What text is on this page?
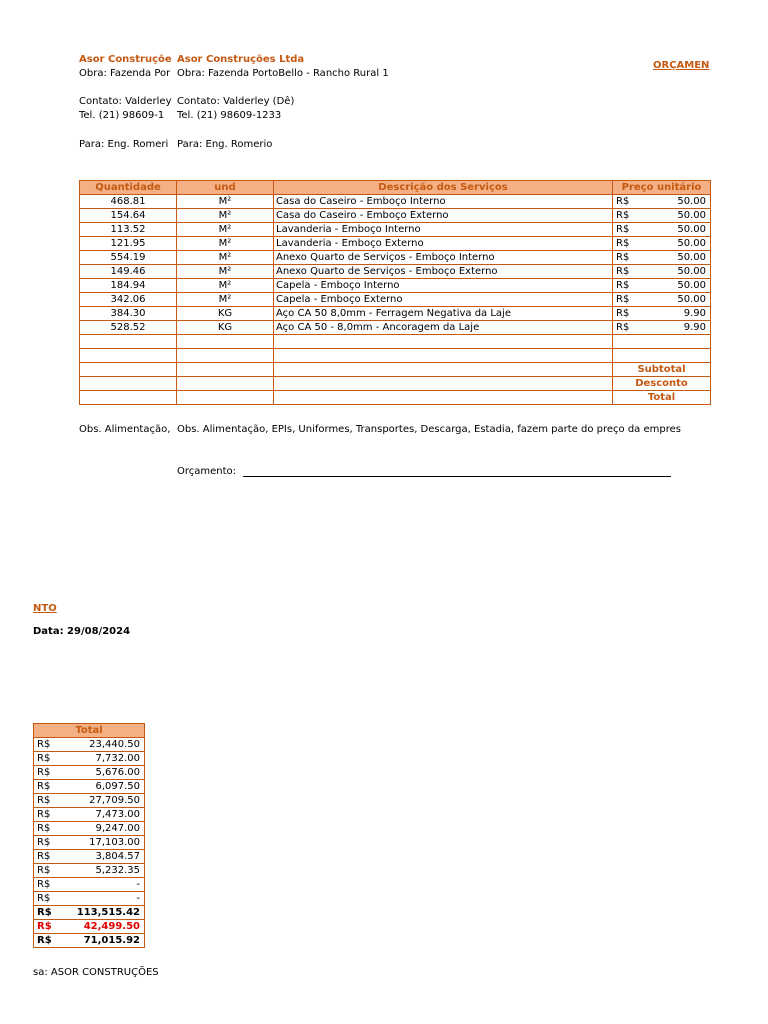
Asor Construçõe Asor Construções Ltda
Obra: Fazenda Por Obra: Fazenda PortoBello - Rancho Rural 1
ORÇAMEN
Contato: Valderley Contato: Valderley (Dê)
Tel. (21) 98609-1	Tel. (21) 98609-1233
Para: Eng. Romeri Para: Eng. Romerio
Quantidade	und	Descrição dos Serviços	Preço unitário
468.81	M²	Casa do Caseiro - Emboço Interno	R$ 50.00

154.64	M²	Casa do Caseiro - Emboço Externo	R$ 50.00

113.52	M²	Lavanderia - Emboço Interno	R$ 50.00

121.95	M²	Lavanderia - Emboço Externo	R$ 50.00

554.19	M²	Anexo Quarto de Serviços - Emboço Interno	R$ 50.00

149.46	M²	Anexo Quarto de Serviços - Emboço Externo	R$ 50.00

184.94	M²	Capela - Emboço Interno	R$ 50.00

342.06	M²	Capela - Emboço Externo	R$ 50.00

384.30	KG	Aço CA 50 8,0mm - Ferragem Negativa da Laje	R$ 9.90

528.52	KG	Aço CA 50 - 8,0mm - Ancoragem da Laje	R$ 9.90

			Subtotal
			Desconto
			Total
Obs. Alimentação, Obs. Alimentação, EPIs, Uniformes, Transportes, Descarga, Estadia, fazem parte do preço da empres
Orçamento:
NTO
Data: 29/08/2024
Total

R$	23,440.50

R$	7,732.00

R$	5,676.00

R$	6,097.50

R$	27,709.50

R$	7,473.00

R$	9,247.00

R$	17,103.00

R$	3,804.57

R$	5,232.35

R$	-

R$	-

R$	113,515.42

R$	42,499.50

R$	71,015.92
sa: ASOR CONSTRUÇÕES
